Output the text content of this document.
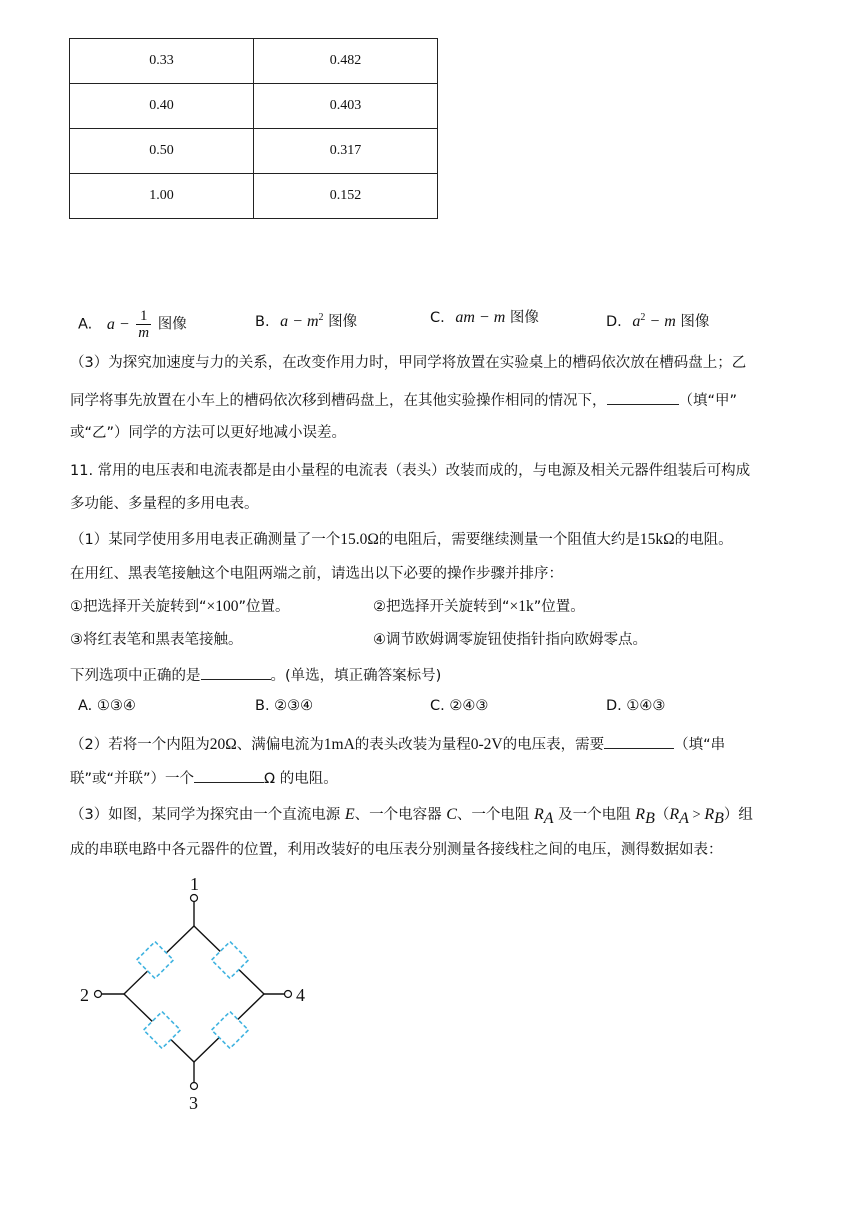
0.33	0.482
0.40	0.403
0.50	0.317
1.00	0.152
A. $a - \frac{1}{m}$ 图像	B. $a - m^2$ 图像	C. am − m 图像	D. $a^2 - m$ 图像
（3）为探究加速度与力的关系，在改变作用力时，甲同学将放置在实验桌上的槽码依次放在槽码盘上；乙
同学将事先放置在小车上的槽码依次移到槽码盘上，在其他实验操作相同的情况下，	（填“甲”
或“乙”）同学的方法可以更好地减小误差。
11. 常用的电压表和电流表都是由小量程的电流表（表头）改装而成的，与电源及相关元器件组装后可构成
多功能、多量程的多用电表。
（1）某同学使用多用电表正确测量了一个15.0Ω的电阻后，需要继续测量一个阻值大约是15kΩ的电阻。
在用红、黑表笔接触这个电阻两端之前，请选出以下必要的操作步骤并排序：
①把选择开关旋转到“×100”位置。	②把选择开关旋转到“×1k”位置。
③将红表笔和黑表笔接触。	④调节欧姆调零旋钮使指针指向欧姆零点。
下列选项中正确的是	。(单选，填正确答案标号)
A. ①③④	B. ②③④	C. ②④③	D. ①④③
（2）若将一个内阻为20Ω、满偏电流为1mA的表头改装为量程0-2V的电压表，需要	（填“串
联”或“并联”）一个	Ω 的电阻。
（3）如图，某同学为探究由一个直流电源 E、一个电容器 C、一个电阻 $R_A$ 及一个电阻 $R_B(R_A > R_B)$组
成的串联电路中各元器件的位置，利用改装好的电压表分别测量各接线柱之间的电压，测得数据如表：
1
2	4
3
